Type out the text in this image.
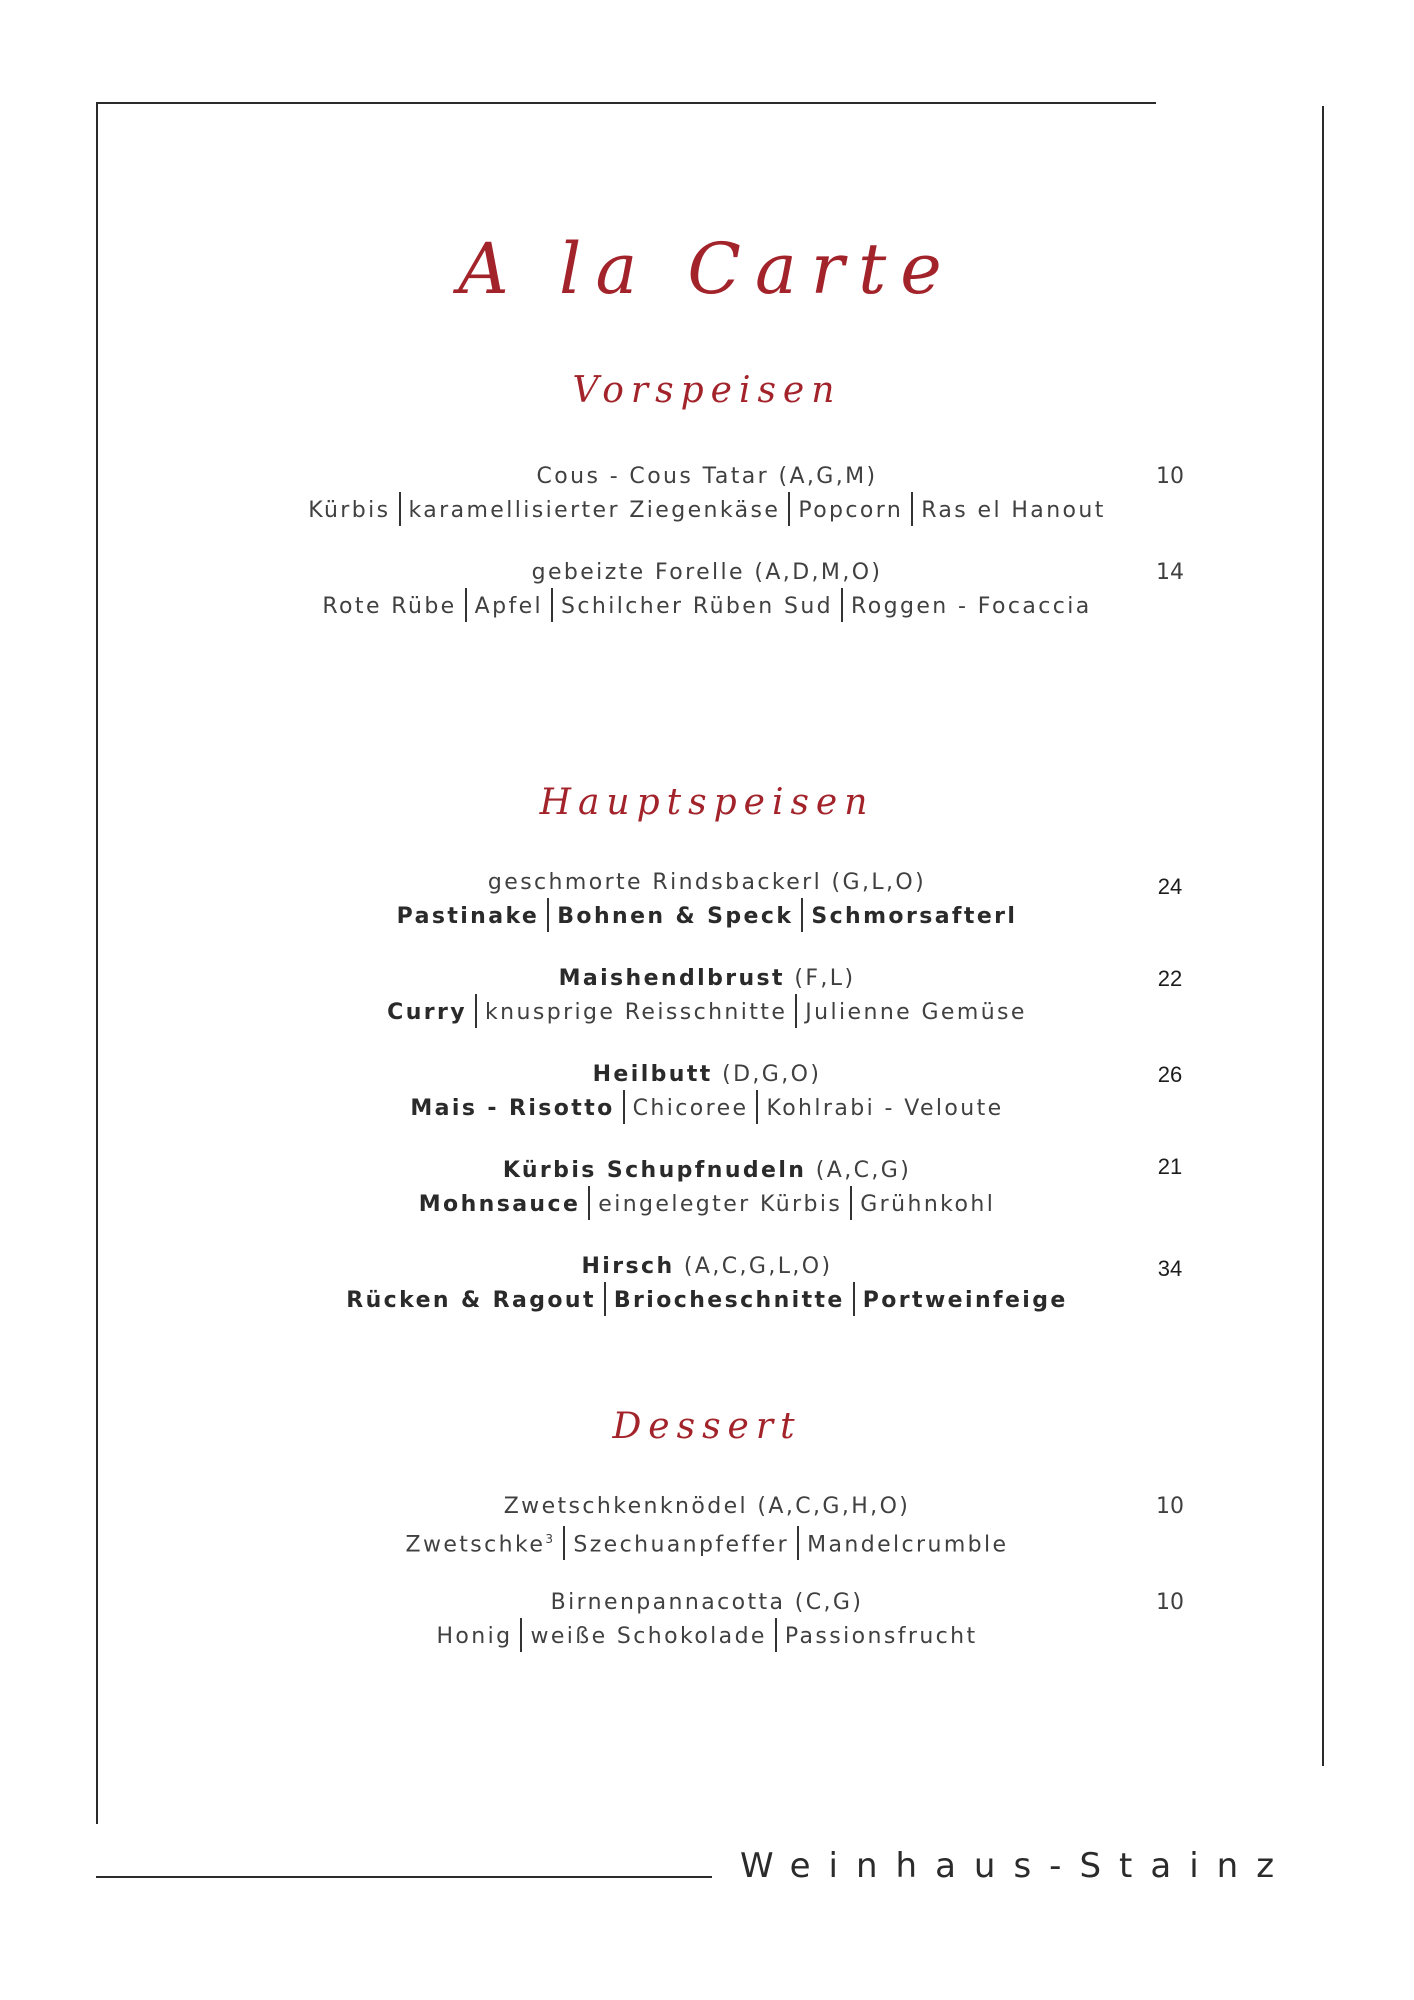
A la Carte
Vorspeisen
Cous - Cous Tatar (A,G,M)	10
Kürbis karamellisierter Ziegenkäse Popcorn Ras el Hanout
gebeizte Forelle (A,D,M,O)	14
Rote Rübe Apfel Schilcher Rüben Sud Roggen - Focaccia
Hauptspeisen
geschmorte Rindsbackerl (G,L,O)	24
Pastinake Bohnen & Speck Schmorsafterl
Maishendlbrust (F,L)	22
Curry knusprige Reisschnitte Julienne Gemüse
Heilbutt (D,G,O)	26
Mais - Risotto Chicoree Kohlrabi - Veloute
Kürbis Schupfnudeln (A,C,G)	21
Mohnsauce eingelegter Kürbis Grühnkohl
Hirsch (A,C,G,L,O)	34
Rücken & Ragout Briocheschnitte Portweinfeige
Dessert
Zwetschkenknödel (A,C,G,H,O)	10
Zwetschke$^3$ Szechuanpfeffer Mandelcrumble
Birnenpannacotta (C,G)	10
Honig weiße Schokolade Passionsfrucht
Weinhaus-Stainz
